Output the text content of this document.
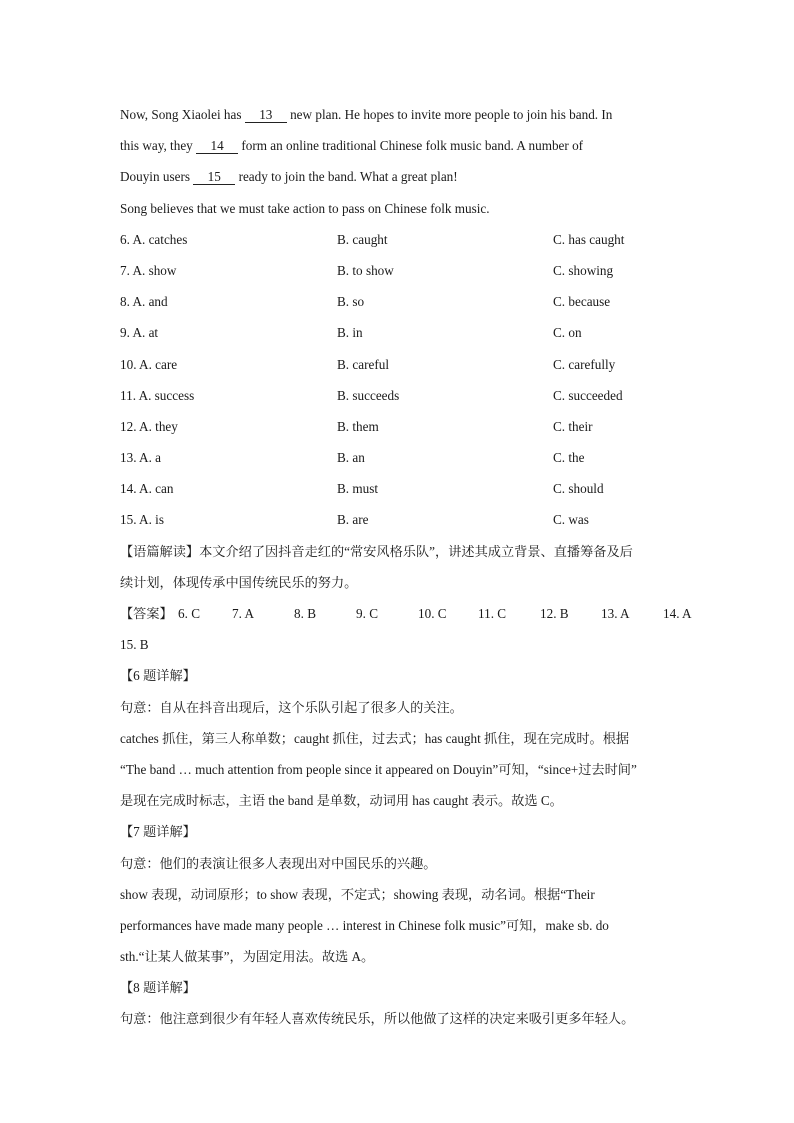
Now, Song Xiaolei has 13 new plan. He hopes to invite more people to join his band. In
this way, they 14 form an online traditional Chinese folk music band. A number of
Douyin users 15 ready to join the band. What a great plan!
Song believes that we must take action to pass on Chinese folk music.
6. A. catches	B. caught	C. has caught
7. A. show	B. to show	C. showing
8. A. and	B. so	C. because
9. A. at	B. in	C. on
10. A. care	B. careful	C. carefully
11. A. success	B. succeeds	C. succeeded
12. A. they	B. them	C. their
13. A. a	B. an	C. the
14. A. can	B. must	C. should
15. A. is	B. are	C. was
【语篇解读】本文介绍了因抖音走红的“常安风格乐队”，讲述其成立背景、直播筹备及后
续计划，体现传承中国传统民乐的努力。
【答案】 6. C 7. A	8. B	9. C	10. C 11. C	12. B 13. A	14. A
15. B
【6 题详解】
句意：自从在抖音出现后，这个乐队引起了很多人的关注。
catches 抓住，第三人称单数；caught 抓住，过去式；has caught 抓住，现在完成时。根据
“The band … much attention from people since it appeared on Douyin”可知，“since+过去时间”
是现在完成时标志，主语 the band 是单数，动词用 has caught 表示。故选 C。
【7 题详解】
句意：他们的表演让很多人表现出对中国民乐的兴趣。
show 表现，动词原形；to show 表现，不定式；showing 表现，动名词。根据“Their
performances have made many people … interest in Chinese folk music”可知，make sb. do
sth.“让某人做某事”，为固定用法。故选 A。
【8 题详解】
句意：他注意到很少有年轻人喜欢传统民乐，所以他做了这样的决定来吸引更多年轻人。
